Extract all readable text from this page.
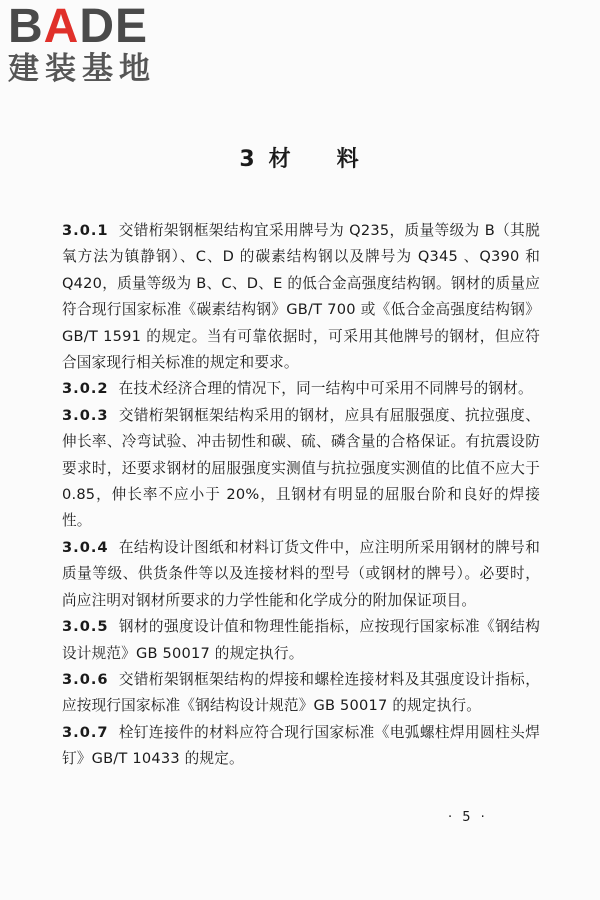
BADE
建装基地
3 材 料

3.0.1 交错桁架钢框架结构宜采用牌号为 Q235，质量等级为 B（其脱氧方法为镇静钢）、C、D 的碳素结构钢以及牌号为 Q345 、Q390 和 Q420，质量等级为 B、C、D、E 的低合金高强度结构钢。钢材的质量应符合现行国家标准《碳素结构钢》GB/T 700 或《低合金高强度结构钢》GB/T 1591 的规定。当有可靠依据时，可采用其他牌号的钢材，但应符合国家现行相关标准的规定和要求。

3.0.2 在技术经济合理的情况下，同一结构中可采用不同牌号的钢材。

3.0.3 交错桁架钢框架结构采用的钢材，应具有屈服强度、抗拉强度、伸长率、冷弯试验、冲击韧性和碳、硫、磷含量的合格保证。有抗震设防要求时，还要求钢材的屈服强度实测值与抗拉强度实测值的比值不应大于 0.85，伸长率不应小于 20%，且钢材有明显的屈服台阶和良好的焊接性。

3.0.4 在结构设计图纸和材料订货文件中，应注明所采用钢材的牌号和质量等级、供货条件等以及连接材料的型号（或钢材的牌号）。必要时，尚应注明对钢材所要求的力学性能和化学成分的附加保证项目。

3.0.5 钢材的强度设计值和物理性能指标，应按现行国家标准《钢结构设计规范》GB 50017 的规定执行。

3.0.6 交错桁架钢框架结构的焊接和螺栓连接材料及其强度设计指标，应按现行国家标准《钢结构设计规范》GB 50017 的规定执行。

3.0.7 栓钉连接件的材料应符合现行国家标准《电弧螺柱焊用圆柱头焊钉》GB/T 10433 的规定。

· 5 ·
